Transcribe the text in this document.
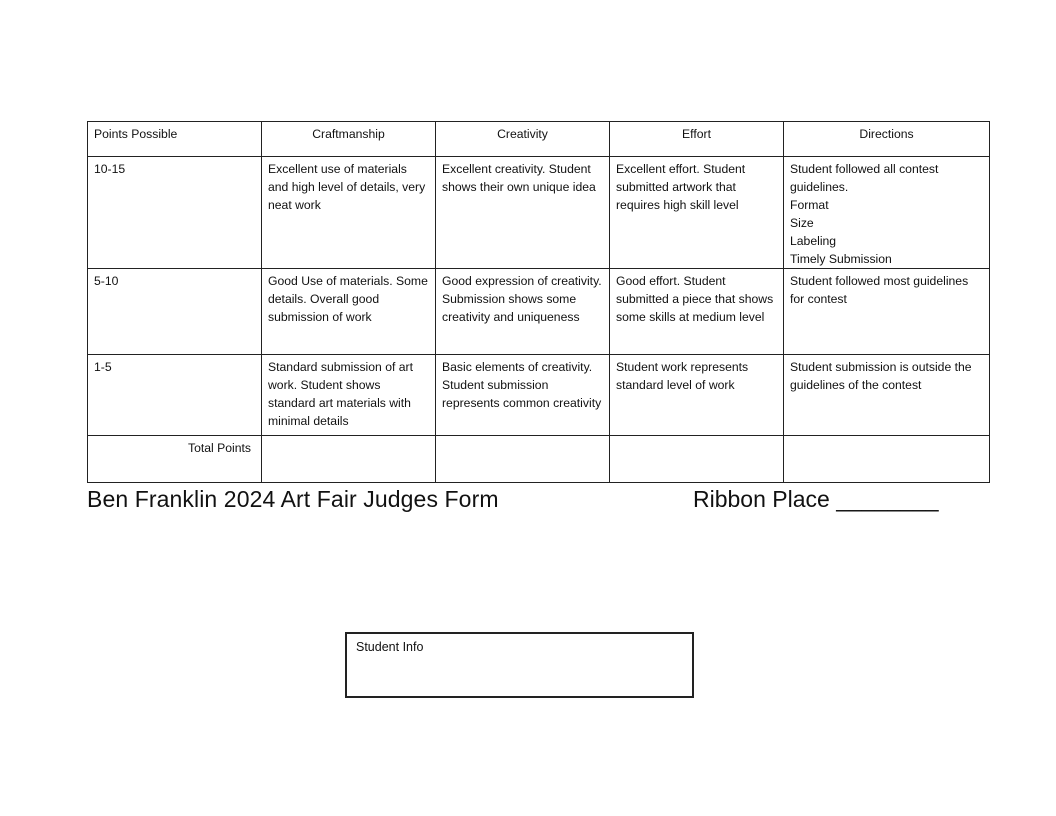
Points Possible	Craftmanship	Creativity	Effort	Directions
10-15	Excellent use of materials and high level of details, very neat work	Excellent creativity. Student shows their own unique idea	Excellent effort. Student submitted artwork that requires high skill level	Student followed all contest guidelines.
Format
Size
Labeling
Timely Submission

5-10	Good Use of materials. Some details. Overall good submission of work	Good expression of creativity. Submission shows some creativity and uniqueness	Good effort. Student submitted a piece that shows some skills at medium level	Student followed most guidelines for contest
1-5	Standard submission of art work. Student shows standard art materials with minimal details	Basic elements of creativity. Student submission represents common creativity	Student work represents standard level of work	Student submission is outside the guidelines of the contest
Total Points				
Ben Franklin 2024 Art Fair Judges Form	Ribbon Place ________
Student Info
